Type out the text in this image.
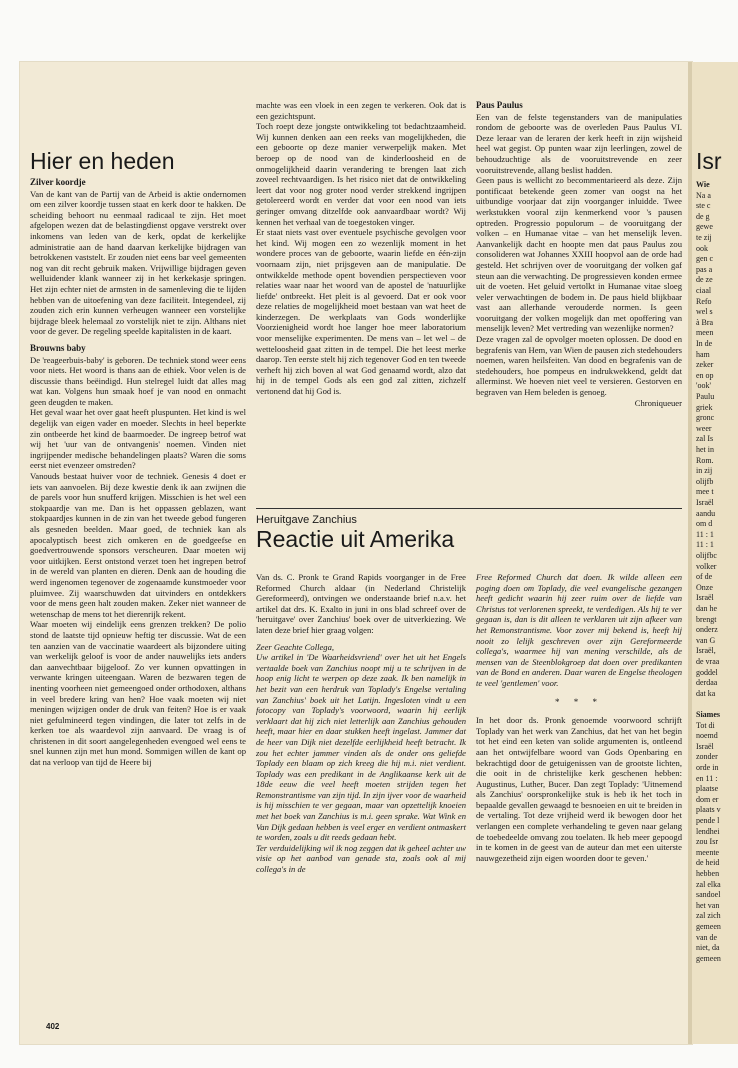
Hier en heden
Zilver koordje

Van de kant van de Partij van de Arbeid is aktie ondernomen om een zilver koordje tussen staat en kerk door te hakken. De scheiding behoort nu eenmaal radicaal te zijn. Het moet afgelopen wezen dat de belastingdienst opgave verstrekt over inkomens van leden van de kerk, opdat de kerkelijke administratie aan de hand daarvan kerkelijke bijdragen van betrokkenen vaststelt. Er zouden niet eens bar veel gemeenten nog van dit recht gebruik maken. Vrijwillige bijdragen geven welluidender klank wanneer zij in het kerkekasje springen. Het zijn echter niet de armsten in de samenleving die te lijden hebben van de uitoefening van deze faciliteit. Integendeel, zij zouden zich erin kunnen verheugen wanneer een vorstelijke bijdrage bleek helemaal zo vorstelijk niet te zijn. Althans niet voor de gever. De regeling speelde kapitalisten in de kaart.

Brouwns baby

De 'reageerbuis-baby' is geboren. De techniek stond weer eens voor niets. Het woord is thans aan de ethiek. Voor velen is de discussie thans beëindigd. Hun stelregel luidt dat alles mag wat kan. Volgens hun smaak hoef je van nood en onmacht geen deugden te maken.

Het geval waar het over gaat heeft pluspunten. Het kind is wel degelijk van eigen vader en moeder. Slechts in heel beperkte zin ontbeerde het kind de baarmoeder. De ingreep betrof wat wij het 'uur van de ontvangenis' noemen. Vinden niet ingrijpender medische behandelingen plaats? Waren die soms eerst niet evenzeer omstreden?

Vanouds bestaat huiver voor de techniek. Genesis 4 doet er iets van aanvoelen. Bij deze kwestie denk ik aan zwijnen die de parels voor hun snufferd krijgen. Misschien is het wel een stokpaardje van me. Dan is het oppassen geblazen, want stokpaardjes kunnen in de zin van het tweede gebod fungeren als gesneden beelden. Maar goed, de techniek kan als apocalyptisch beest zich omkeren en de goedgeefse en goedvertrouwende sponsors verscheuren. Daar moeten wij voor uitkijken. Eerst ontstond verzet toen het ingrepen betrof in de wereld van planten en dieren. Denk aan de houding die werd ingenomen tegenover de zogenaamde kunstmoeder voor pluimvee. Zij waarschuwden dat uitvinders en ontdekkers voor de mens geen halt zouden maken. Zeker niet wanneer de wetenschap de mens tot het dierenrijk rekent.

Waar moeten wij eindelijk eens grenzen trekken? De polio stond de laatste tijd opnieuw heftig ter discussie. Wat de een ten aanzien van de vaccinatie waardeert als bijzondere uiting van werkelijk geloof is voor de ander nauwelijks iets anders dan aanvechtbaar bijgeloof. Zo ver kunnen opvattingen in verwante kringen uiteengaan. Waren de bezwaren tegen de inenting voorheen niet gemeengoed onder orthodoxen, althans in veel bredere kring van hen? Hoe vaak moeten wij niet meningen wijzigen onder de druk van feiten? Hoe is er vaak niet gefulmineerd tegen vindingen, die later tot zelfs in de kerken toe als waardevol zijn aanvaard. De vraag is of christenen in dit soort aangelegenheden evengoed wel eens te snel kunnen zijn met hun mond. Sommigen willen de kant op dat na verloop van tijd de Heere bij

machte was een vloek in een zegen te verkeren. Ook dat is een gezichtspunt.

Toch roept deze jongste ontwikkeling tot bedachtzaamheid. Wij kunnen denken aan een reeks van mogelijkheden, die een geboorte op deze manier verwerpelijk maken. Met beroep op de nood van de kinderloosheid en de onmogelijkheid daarin verandering te brengen laat zich zoveel rechtvaardigen. Is het risico niet dat de ontwikkeling leert dat voor nog groter nood verder strekkend ingrijpen getolereerd wordt en verder dat voor een nood van iets geringer omvang ditzelfde ook aanvaardbaar wordt? Wij kennen het verhaal van de toegestoken vinger.

Er staat niets vast over eventuele psychische gevolgen voor het kind. Wij mogen een zo wezenlijk moment in het wondere proces van de geboorte, waarin liefde en één-zijn voornaam zijn, niet prijsgeven aan de manipulatie. De ontwikkelde methode opent bovendien perspectieven voor relaties waar naar het woord van de apostel de 'natuurlijke liefde' ontbreekt. Het pleit is al gevoerd. Dat er ook voor deze relaties de mogelijkheid moet bestaan van wat heet de kinderzegen. De werkplaats van Gods wonderlijke Voorzienigheid wordt hoe langer hoe meer laboratorium voor menselijke experimenten. De mens van – let wel – de wetteloosheid gaat zitten in de tempel. Die het leest merke daarop. Ten eerste stelt hij zich tegenover God en ten tweede verheft hij zich boven al wat God genaamd wordt, alzo dat hij in de tempel Gods als een god zal zitten, zichzelf vertonend dat hij God is.

Paus Paulus

Een van de felste tegenstanders van de manipulaties rondom de geboorte was de overleden Paus Paulus VI. Deze leraar van de leraren der kerk heeft in zijn wijsheid heel wat gegist. Op punten waar zijn leerlingen, zowel de behoudzuchtige als de vooruitstrevende en zeer vooruitstrevende, allang beslist hadden.

Geen paus is wellicht zo becommentarieerd als deze. Zijn pontificaat betekende geen zomer van oogst na het uitbundige voorjaar dat zijn voorganger inluidde. Twee werkstukken vooral zijn kenmerkend voor 's pausen optreden. Progressio populorum – de vooruitgang der volken – en Humanae vitae – van het menselijk leven. Aanvankelijk dacht en hoopte men dat paus Paulus zou consolideren wat Johannes XXIII hoopvol aan de orde had gesteld. Het schrijven over de vooruitgang der volken gaf steun aan die verwachting. De progressieven konden ermee uit de voeten. Het geluid vertolkt in Humanae vitae sloeg veler verwachtingen de bodem in. De paus hield blijkbaar vast aan allerhande verouderde normen. Is geen vooruitgang der volken mogelijk dan met opoffering van menselijk leven? Met vertreding van wezenlijke normen?

Deze vragen zal de opvolger moeten oplossen. De dood en begrafenis van Hem, van Wien de pausen zich stedehouders noemen, waren heilsfeiten. Van dood en begrafenis van de stedehouders, hoe pompeus en indrukwekkend, geldt dat allerminst. We hoeven niet veel te versieren. Gestorven en begraven van Hem beleden is genoeg.

Chroniqueuer

Heruitgave Zanchius

Reactie uit Amerika

Van ds. C. Pronk te Grand Rapids voorganger in de Free Reformed Church aldaar (in Nederland Christelijk Gereformeerd), ontvingen we onderstaande brief n.a.v. het artikel dat drs. K. Exalto in juni in ons blad schreef over de 'heruitgave' over Zanchius' boek over de uitverkiezing. We laten deze brief hier graag volgen:

Zeer Geachte Collega,

Uw artikel in 'De Waarheidsvriend' over het uit het Engels vertaalde boek van Zanchius noopt mij u te schrijven in de hoop enig licht te werpen op deze zaak. Ik ben namelijk in het bezit van een herdruk van Toplady's Engelse vertaling van Zanchius' boek uit het Latijn. Ingesloten vindt u een fotocopy van Toplady's voorwoord, waarin hij eerlijk verklaart dat hij zich niet letterlijk aan Zanchius gehouden heeft, maar hier en daar stukken heeft ingelast. Jammer dat de heer van Dijk niet dezelfde eerlijkheid heeft betracht. Ik zou het echter jammer vinden als de onder ons geliefde Toplady een blaam op zich kreeg die hij m.i. niet verdient. Toplady was een predikant in de Anglikaanse kerk uit de 18de eeuw die veel heeft moeten strijden tegen het Remonstrantisme van zijn tijd. In zijn ijver voor de waarheid is hij misschien te ver gegaan, maar van opzettelijk knoeien met het boek van Zanchius is m.i. geen sprake. Wat Wink en Van Dijk gedaan hebben is veel erger en verdient ontmaskert te worden, zoals u dit reeds gedaan hebt.

Ter verduidelijking wil ik nog zeggen dat ik geheel achter uw visie op het aanbod van genade sta, zoals ook al mij collega's in de

Free Reformed Church dat doen. Ik wilde alleen een poging doen om Toplady, die veel evangelische gezangen heeft gedicht waarin hij zeer ruim over de liefde van Christus tot verlorenen spreekt, te verdedigen. Als hij te ver gegaan is, dan is dit alleen te verklaren uit zijn afkeer van het Remonstrantisme. Voor zover mij bekend is, heeft hij nooit zo lelijk geschreven over zijn Gereformeerde collega's, waarmee hij van mening verschilde, als de mensen van de Steenblokgroep dat doen over predikanten van de Bond en anderen. Daar waren de Engelse theologen te veel 'gentlemen' voor.

* * *

In het door ds. Pronk genoemde voorwoord schrijft Toplady van het werk van Zanchius, dat het van het begin tot het eind een keten van solide argumenten is, ontleend aan het ontwijfelbare woord van Gods Openbaring en bekrachtigd door de getuigenissen van de grootste lichten, die ooit in de christelijke kerk geschenen hebben: Augustinus, Luther, Bucer. Dan zegt Toplady: 'Uitnemend als Zanchius' oorspronkelijke stuk is heb ik het toch in bepaalde gevallen gewaagd te besnoeien en uit te breiden in de vertaling. Tot deze vrijheid werd ik bewogen door het verlangen een complete verhandeling te geven naar gelang de toebedeelde omvang zou toelaten. Ik heb meer gepoogd in te komen in de geest van de auteur dan met een uiterste nauwgezetheid zijn eigen woorden door te geven.'

402
Isr
Wie
Na a
ste c
de g
gewe
te zij
ook
gen c
pas a
de ze
ciaal
Refo
wel s
à Bra
meen
In de
ham
zeker
en op
'ook'
Paulu
griek
gronc
weer
zal Is
het in
Rom.
in zij
olijfb
mee t
Israël
aandu
om d
11 : 1
11 : 1
olijfbc
volker
of de
Onze
Israël
dan he
brengt
onderz
van G
Israël,
de vraa
goddel
derdaa
dat ka
Siames
Tot di
noemd
Israël
zonder
orde in
en 11 :
plaatse
dom er
plaats v
pende l
lendhei
zou Isr
meente
de heid
hebben
zal elka
sandoel
het van
zal zich
gemeen
van de
niet, da
gemeen
